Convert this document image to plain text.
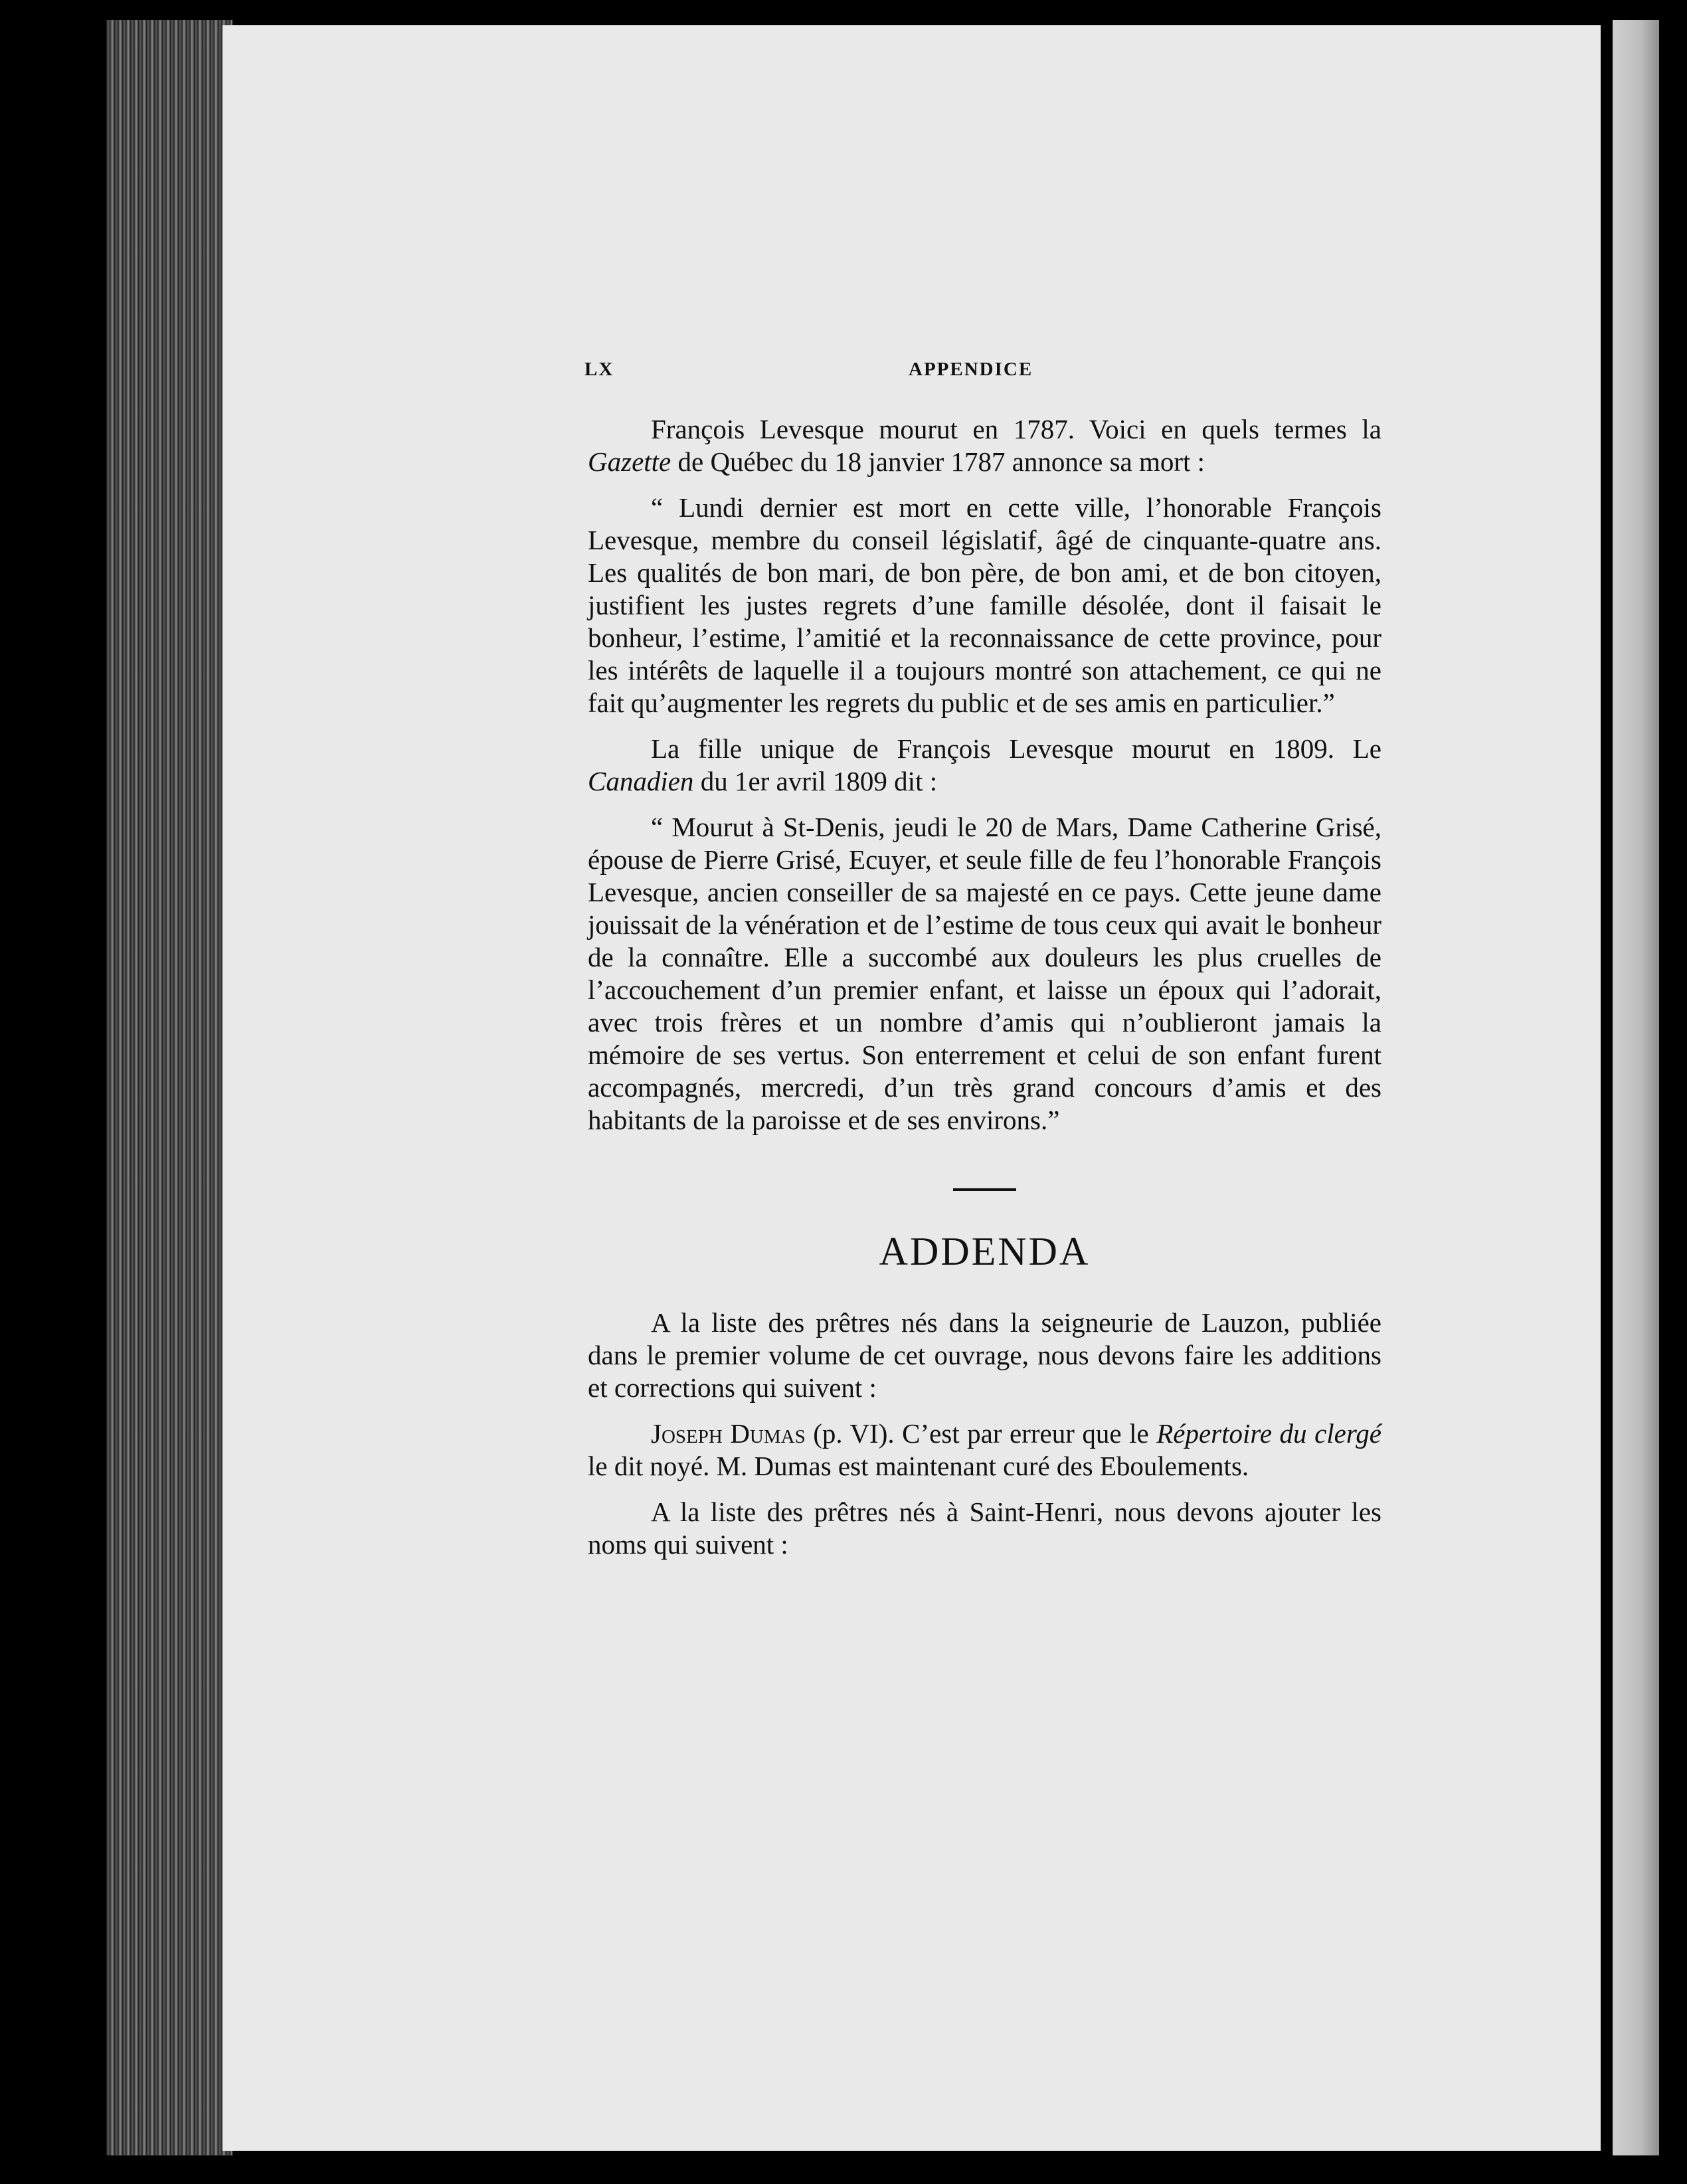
LX	APPENDICE

François Levesque mourut en 1787. Voici en quels termes la Gazette de Québec du 18 janvier 1787 annonce sa mort :

“ Lundi dernier est mort en cette ville, l’honorable François Levesque, membre du conseil législatif, âgé de cinquante-quatre ans. Les qualités de bon mari, de bon père, de bon ami, et de bon citoyen, justifient les justes regrets d’une famille désolée, dont il faisait le bonheur, l’estime, l’amitié et la reconnaissance de cette province, pour les intérêts de laquelle il a toujours montré son attachement, ce qui ne fait qu’augmenter les regrets du public et de ses amis en particulier.”

La fille unique de François Levesque mourut en 1809. Le Canadien du 1er avril 1809 dit :

“ Mourut à St-Denis, jeudi le 20 de Mars, Dame Catherine Grisé, épouse de Pierre Grisé, Ecuyer, et seule fille de feu l’honorable François Levesque, ancien conseiller de sa majesté en ce pays. Cette jeune dame jouissait de la vénération et de l’estime de tous ceux qui avait le bonheur de la connaître. Elle a succombé aux douleurs les plus cruelles de l’accouchement d’un premier enfant, et laisse un époux qui l’adorait, avec trois frères et un nombre d’amis qui n’oublieront jamais la mémoire de ses vertus. Son enterrement et celui de son enfant furent accompagnés, mercredi, d’un très grand concours d’amis et des habitants de la paroisse et de ses environs.”

ADDENDA

A la liste des prêtres nés dans la seigneurie de Lauzon, publiée dans le premier volume de cet ouvrage, nous devons faire les additions et corrections qui suivent :

Joseph Dumas (p. VI). C’est par erreur que le Répertoire du clergé le dit noyé. M. Dumas est maintenant curé des Eboulements.

A la liste des prêtres nés à Saint-Henri, nous devons ajouter les noms qui suivent :
